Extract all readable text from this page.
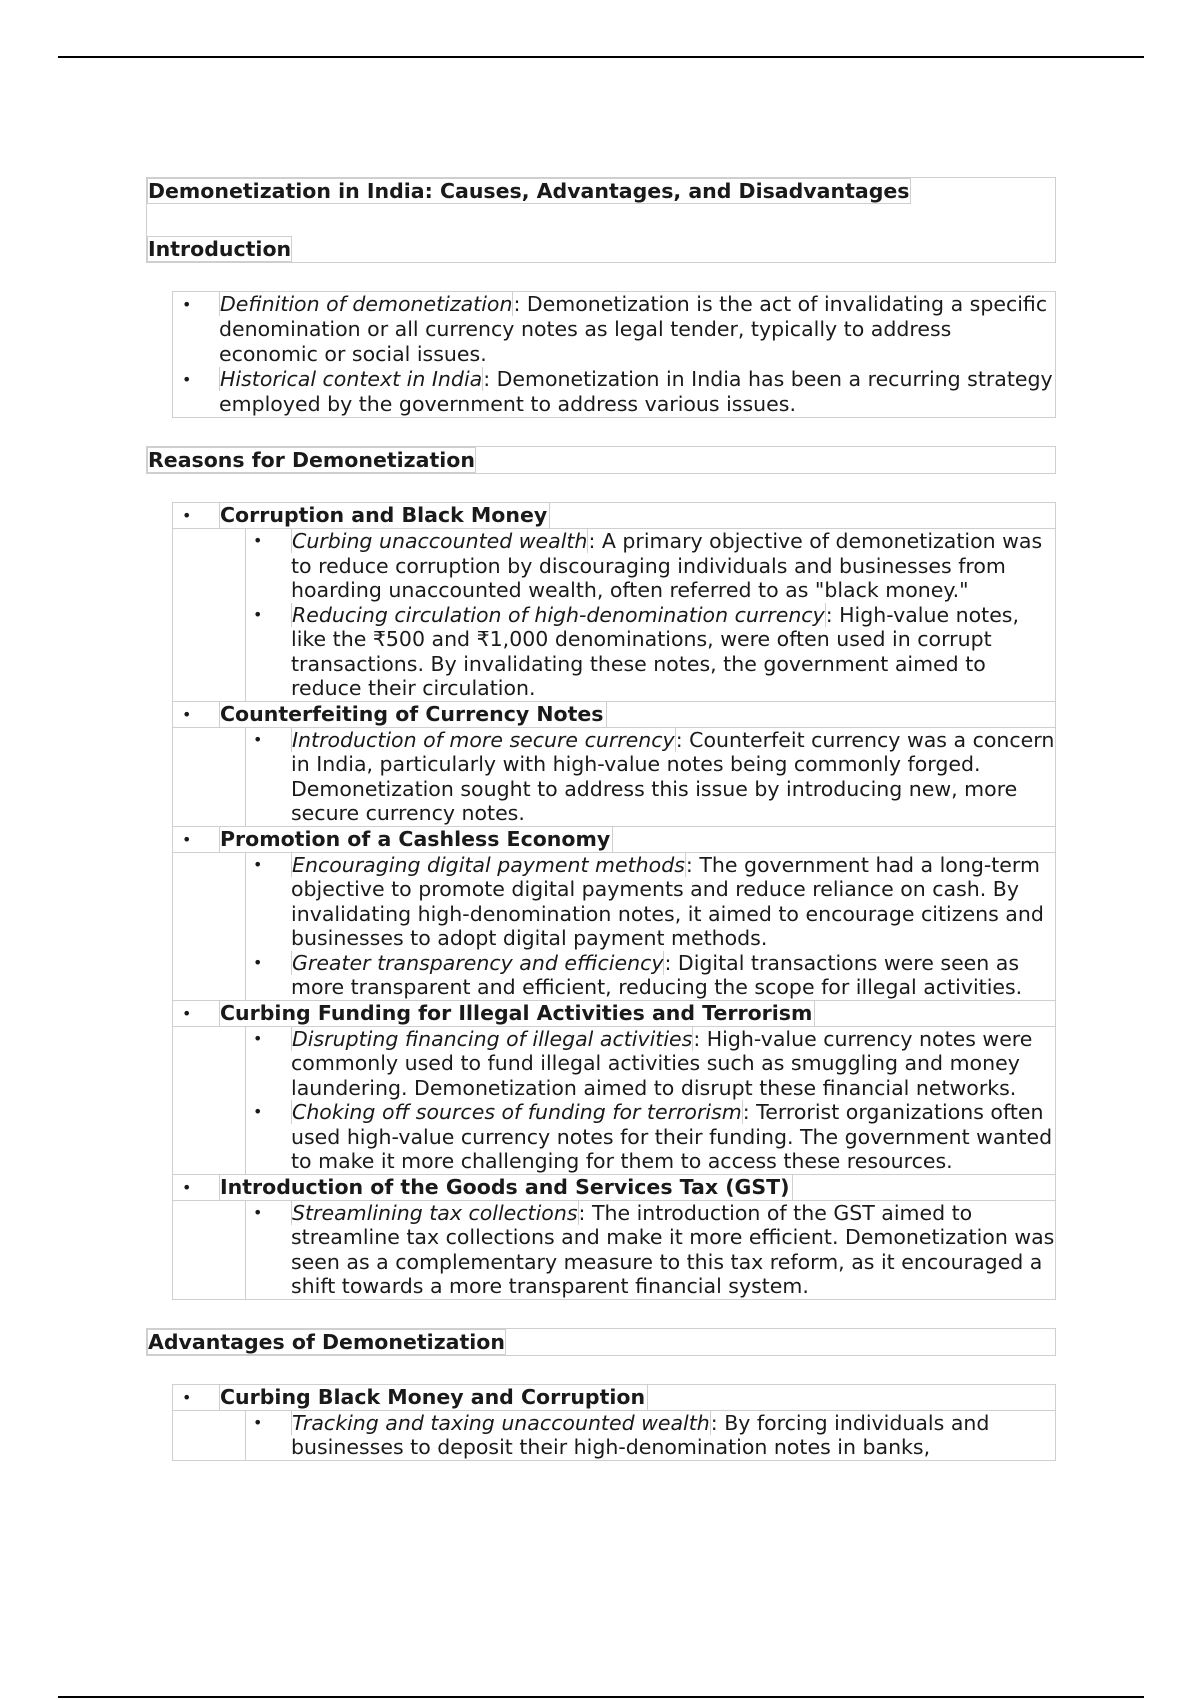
Demonetization in India: Causes, Advantages, and Disadvantages
Introduction
• Definition of demonetization: Demonetization is the act of invalidating a specific denomination or all currency notes as legal tender, typically to address economic or social issues.
• Historical context in India: Demonetization in India has been a recurring strategy employed by the government to address various issues.
Reasons for Demonetization
• Corruption and Black Money
• Curbing unaccounted wealth: A primary objective of demonetization was to reduce corruption by discouraging individuals and businesses from hoarding unaccounted wealth, often referred to as "black money."
• Reducing circulation of high-denomination currency: High-value notes, like the ₹500 and ₹1,000 denominations, were often used in corrupt transactions. By invalidating these notes, the government aimed to reduce their circulation.
• Counterfeiting of Currency Notes
• Introduction of more secure currency: Counterfeit currency was a concern in India, particularly with high-value notes being commonly forged. Demonetization sought to address this issue by introducing new, more secure currency notes.
• Promotion of a Cashless Economy
• Encouraging digital payment methods: The government had a long-term objective to promote digital payments and reduce reliance on cash. By invalidating high-denomination notes, it aimed to encourage citizens and businesses to adopt digital payment methods.
• Greater transparency and efficiency: Digital transactions were seen as more transparent and efficient, reducing the scope for illegal activities.
• Curbing Funding for Illegal Activities and Terrorism
• Disrupting financing of illegal activities: High-value currency notes were commonly used to fund illegal activities such as smuggling and money laundering. Demonetization aimed to disrupt these financial networks.
• Choking off sources of funding for terrorism: Terrorist organizations often used high-value currency notes for their funding. The government wanted to make it more challenging for them to access these resources.
• Introduction of the Goods and Services Tax (GST)
• Streamlining tax collections: The introduction of the GST aimed to streamline tax collections and make it more efficient. Demonetization was seen as a complementary measure to this tax reform, as it encouraged a shift towards a more transparent financial system.
Advantages of Demonetization
• Curbing Black Money and Corruption
• Tracking and taxing unaccounted wealth: By forcing individuals and businesses to deposit their high-denomination notes in banks,
